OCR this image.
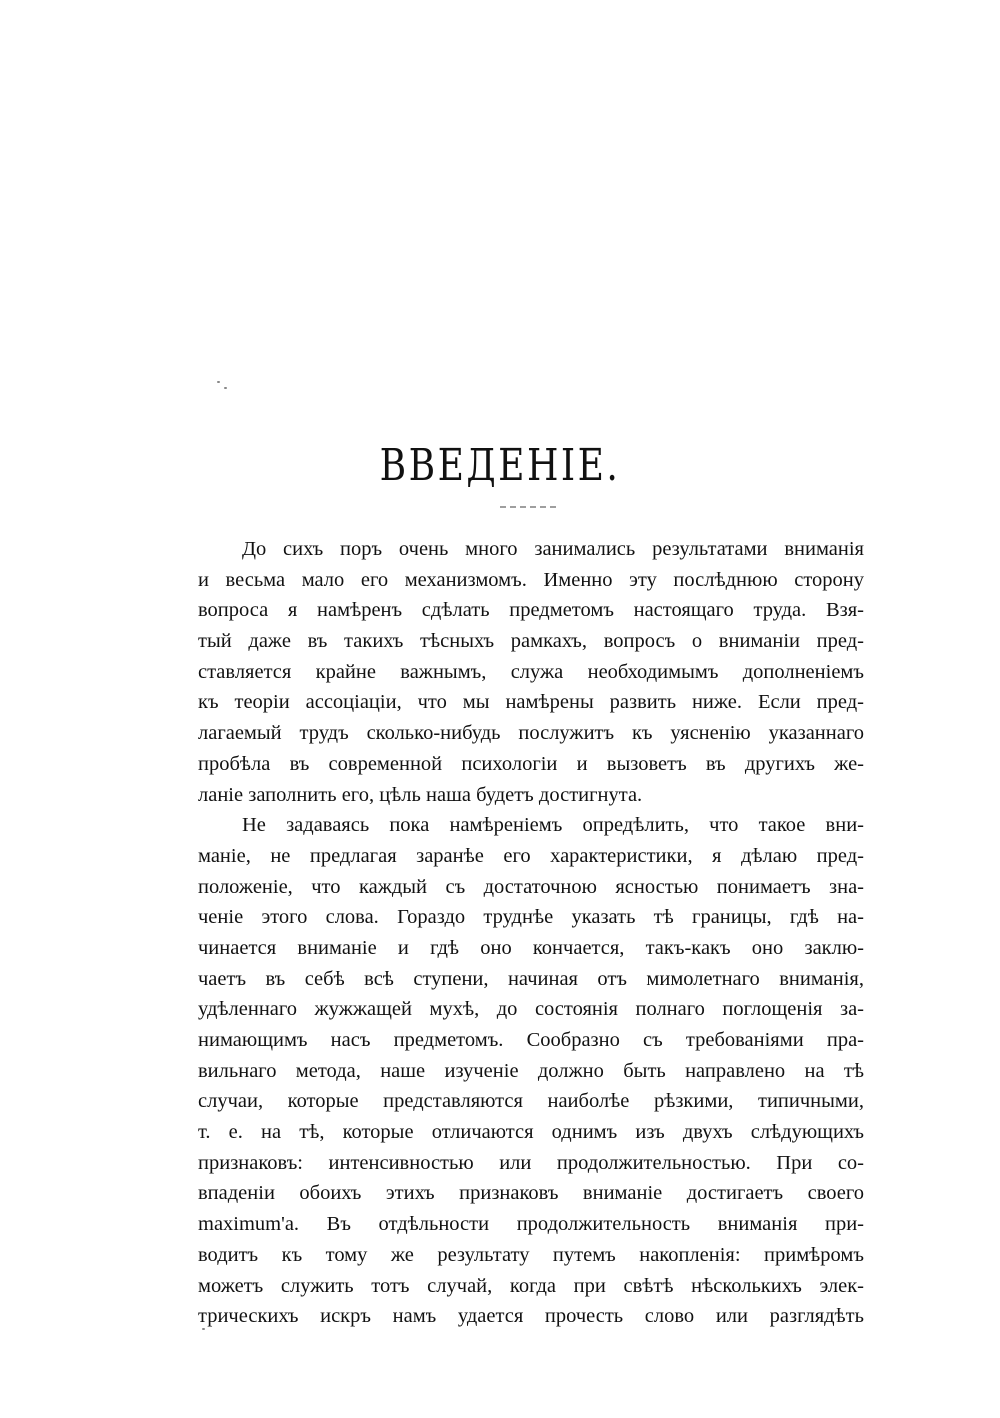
ВВЕДЕНІЕ.
До сихъ поръ очень много занимались результатами вниманія
и весьма мало его механизмомъ. Именно эту послѣднюю сторону
вопроса я намѣренъ сдѣлать предметомъ настоящаго труда. Взя-
тый даже въ такихъ тѣсныхъ рамкахъ, вопросъ о вниманіи пред-
ставляется крайне важнымъ, служа необходимымъ дополненіемъ
къ теоріи ассоціаціи, что мы намѣрены развить ниже. Если пред-
лагаемый трудъ сколько-нибудь послужитъ къ уясненію указаннаго
пробѣла въ современной психологіи и вызоветъ въ другихъ же-
ланіе заполнить его, цѣль наша будетъ достигнута.
Не задаваясь пока намѣреніемъ опредѣлить, что такое вни-
маніе, не предлагая заранѣе его характеристики, я дѣлаю пред-
положеніе, что каждый съ достаточною ясностью понимаетъ зна-
ченіе этого слова. Гораздо труднѣе указать тѣ границы, гдѣ на-
чинается вниманіе и гдѣ оно кончается, такъ-какъ оно заклю-
чаетъ въ себѣ всѣ ступени, начиная отъ мимолетнаго вниманія,
удѣленнаго жужжащей мухѣ, до состоянія полнаго поглощенія за-
нимающимъ насъ предметомъ. Сообразно съ требованіями пра-
вильнаго метода, наше изученіе должно быть направлено на тѣ
случаи, которые представляются наиболѣе рѣзкими, типичными,
т. е. на тѣ, которые отличаются однимъ изъ двухъ слѣдующихъ
признаковъ: интенсивностью или продолжительностью. При со-
впаденіи обоихъ этихъ признаковъ вниманіе достигаетъ своего
maximum'a. Въ отдѣльности продолжительность вниманія при-
водитъ къ тому же результату путемъ накопленія: примѣромъ
можетъ служить тотъ случай, когда при свѣтѣ нѣсколькихъ элек-
трическихъ искръ намъ удается прочесть слово или разглядѣть
